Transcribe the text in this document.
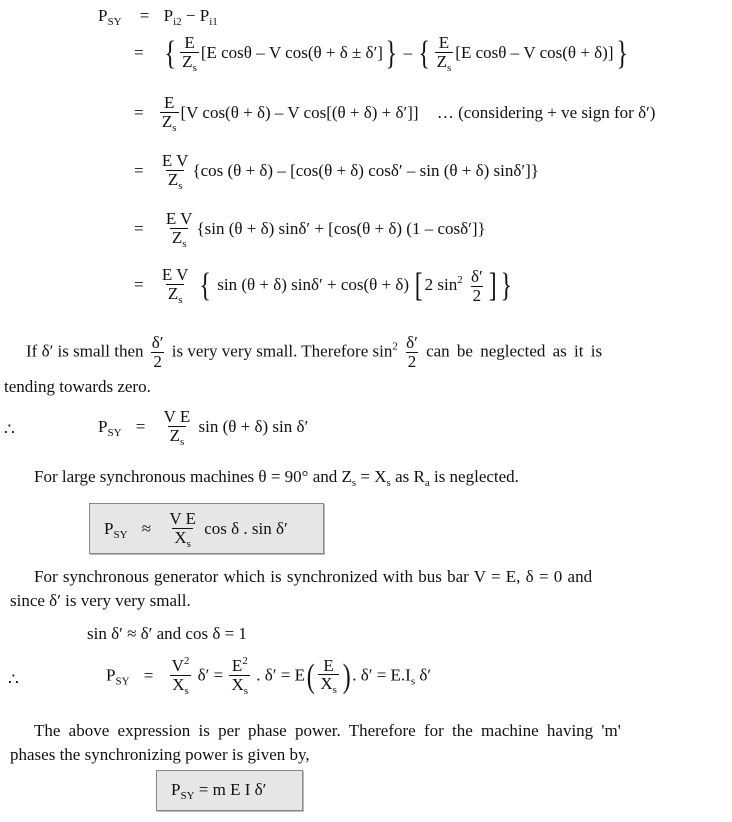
$P_{SY} = P_{i2} - P_{i1}$
= { $\frac{E}{Z_s} [E$ cosθ – V cos(θ + δ ± δ′]} – { $\frac{E}{Z_s} [E$ cosθ – V cos(θ + δ)]}
= $\frac{E}{Z_s} [V$ cos(θ + δ) – V cos[(θ + δ) + δ′]] … (considering + ve sign for δ′)
= $\frac{\text{E V}}{Z_s} \{\cos$ (θ + δ) – [cos(θ + δ) cosδ′ – sin (θ + δ) sinδ′]}
= $\frac{\text{E V}}{Z_s} \{\sin$ (θ + δ) sinδ′ + [cos(θ + δ) (1 – cosδ′]}
= $\frac{\text{E V}}{Z_s}$ { sin (θ + δ) sinδ′ + cos(θ + δ) [2 $\sin^2 \frac{\delta'}{2}$ ] }
If δ′ is small then $\frac{\delta'}{2}$ is very very small. Therefore $\sin^2 \frac{\delta'}{2}$ can be neglected as it is
tending towards zero.
∴	$P_{SY} = \frac{\text{V E}}{Z_s}$ sin (θ + δ) sin δ′
For large synchronous machines θ = 90° and $Z_s = X_s$ as $R_a$ is neglected.
$P_{SY} \approx \frac{\text{V E}}{X_s}$ cos δ . sin δ′
For synchronous generator which is synchronized with bus bar V = E, δ = 0 and
since δ′ is very very small.
sin δ′ ≈ δ′ and cos δ = 1
∴	$P_{SY} = \frac{V^2}{X_s} \delta' = \frac{E^2}{X_s}$ . $\delta' = E( \frac{E}{X_s}$ ). $\delta' = E.I_s$ δ′
The above expression is per phase power. Therefore for the machine having 'm'
phases the synchronizing power is given by,
$P_{SY} = m$ E I δ′
